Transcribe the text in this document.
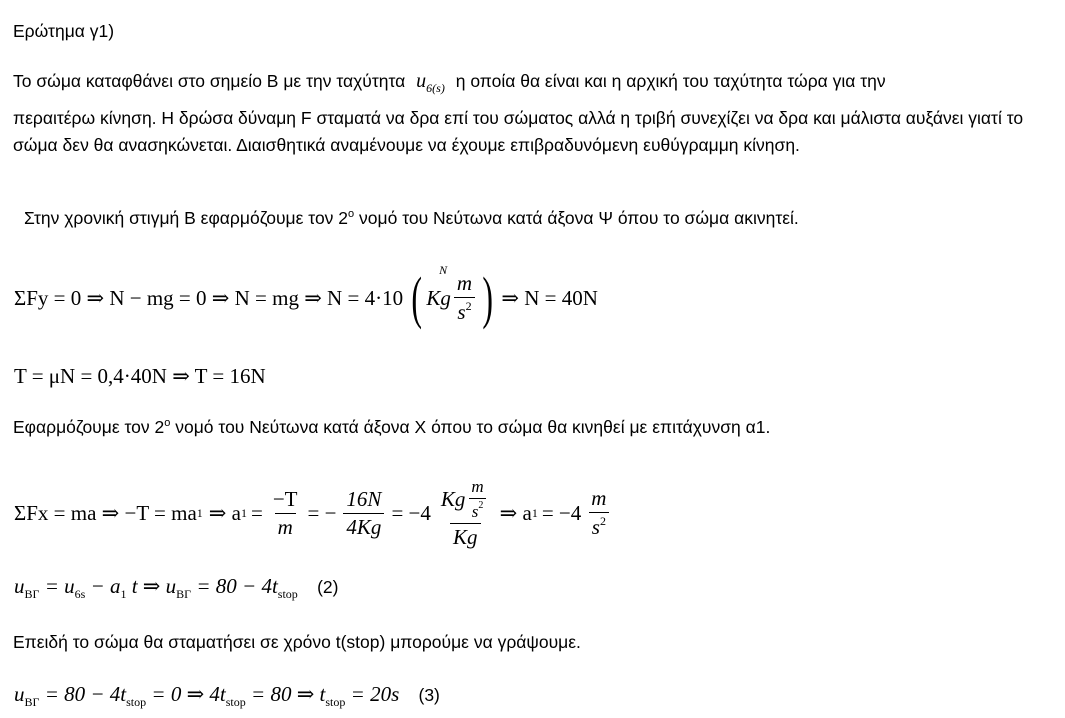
Ερώτημα γ1)
Το σώμα καταφθάνει στο σημείο Β με την ταχύτητα $u_{6(s)}$ η οποία θα είναι και η αρχική του ταχύτητα τώρα για την
περαιτέρω κίνηση. Η δρώσα δύναμη F σταματά να δρα επί του σώματος αλλά η τριβή συνεχίζει να δρα και μάλιστα αυξάνει γιατί το σώμα δεν θα ανασηκώνεται. Διαισθητικά αναμένουμε να έχουμε επιβραδυνόμενη ευθύγραμμη κίνηση.
Στην χρονική στιγμή Β εφαρμόζουμε τον $2^o$ νομό του Νεύτωνα κατά άξονα Ψ όπου το σώμα ακινητεί.
ΣFy = 0 ⇒ N − mg = 0 ⇒ N = mg ⇒ N = 4·10 ( Kg $\frac{m}{s^2}$ )
N
⇒ N = 40N
T = μN = 0,4·40N ⇒ T = 16N
Εφαρμόζουμε τον $2^o$ νομό του Νεύτωνα κατά άξονα Χ όπου το σώμα θα κινηθεί με επιτάχυνση α1.
ΣFx = ma ⇒ −T = ma 1 ⇒ a $1 = \frac{-T}{m}$ = − $\frac{16N}{4Kg} = -4 \frac{Kg \frac{m}{s^2}}{Kg}$ ⇒ a $1 = -4 \frac{m}{s^2}$
$u_{B\Gamma} = u_{6s} - a_1$ t ⇒ $u_{B\Gamma} = 80 - 4t_{stop}$ (2)
Επειδή το σώμα θα σταματήσει σε χρόνο t(stop) μπορούμε να γράψουμε.
$u_{B\Gamma} = 80 - 4t_{stop} = 0$ ⇒ $4t_{stop} = 80$ ⇒ $t_{stop} = 20s$ (3)
